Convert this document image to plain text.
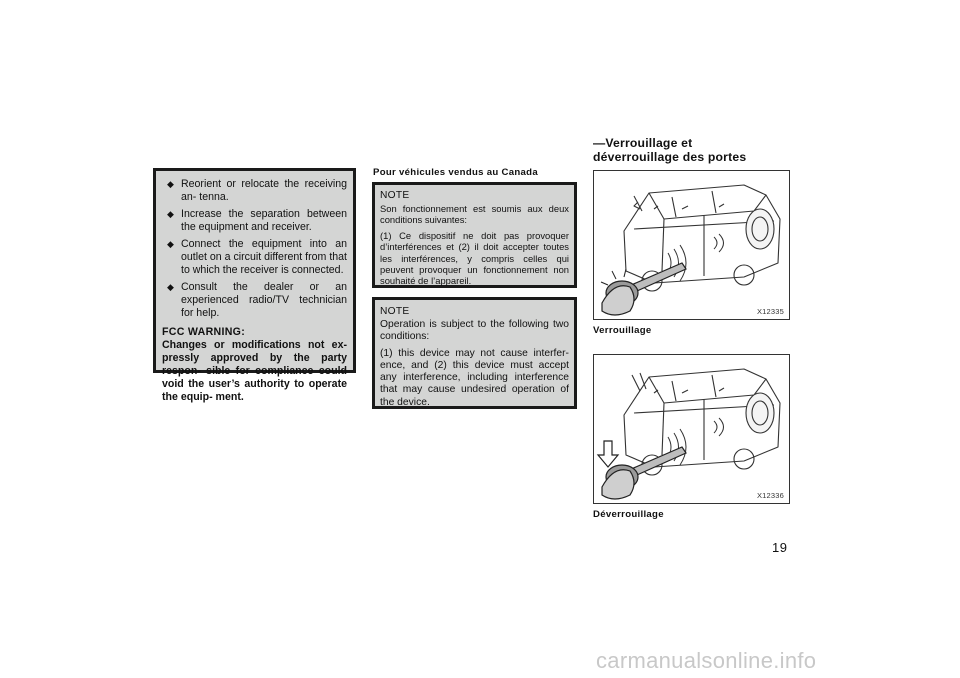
◆ Reorient or relocate the receiving an- tenna.
◆ Increase the separation between the equipment and receiver.
◆ Connect the equipment into an outlet on a circuit different from that to which the receiver is connected.
◆ Consult the dealer or an experienced radio/TV technician for help.
FCC WARNING:
Changes or modifications not ex- pressly approved by the party respon- sible for compliance could void the user’s authority to operate the equip- ment.
Pour véhicules vendus au Canada
NOTE
Son fonctionnement est soumis aux deux conditions suivantes:
(1) Ce dispositif ne doit pas provoquer d’interférences et (2) il doit accepter toutes les interférences, y compris celles qui peuvent provoquer un fonctionnement non souhaité de l’appareil.
NOTE
Operation is subject to the following two conditions:
(1) this device may not cause interfer- ence, and (2) this device must accept any interference, including interference that may cause undesired operation of the device.
—Verrouillage et
déverrouillage des portes
X12335
Verrouillage
X12336
Déverrouillage
19
carmanualsonline.info
